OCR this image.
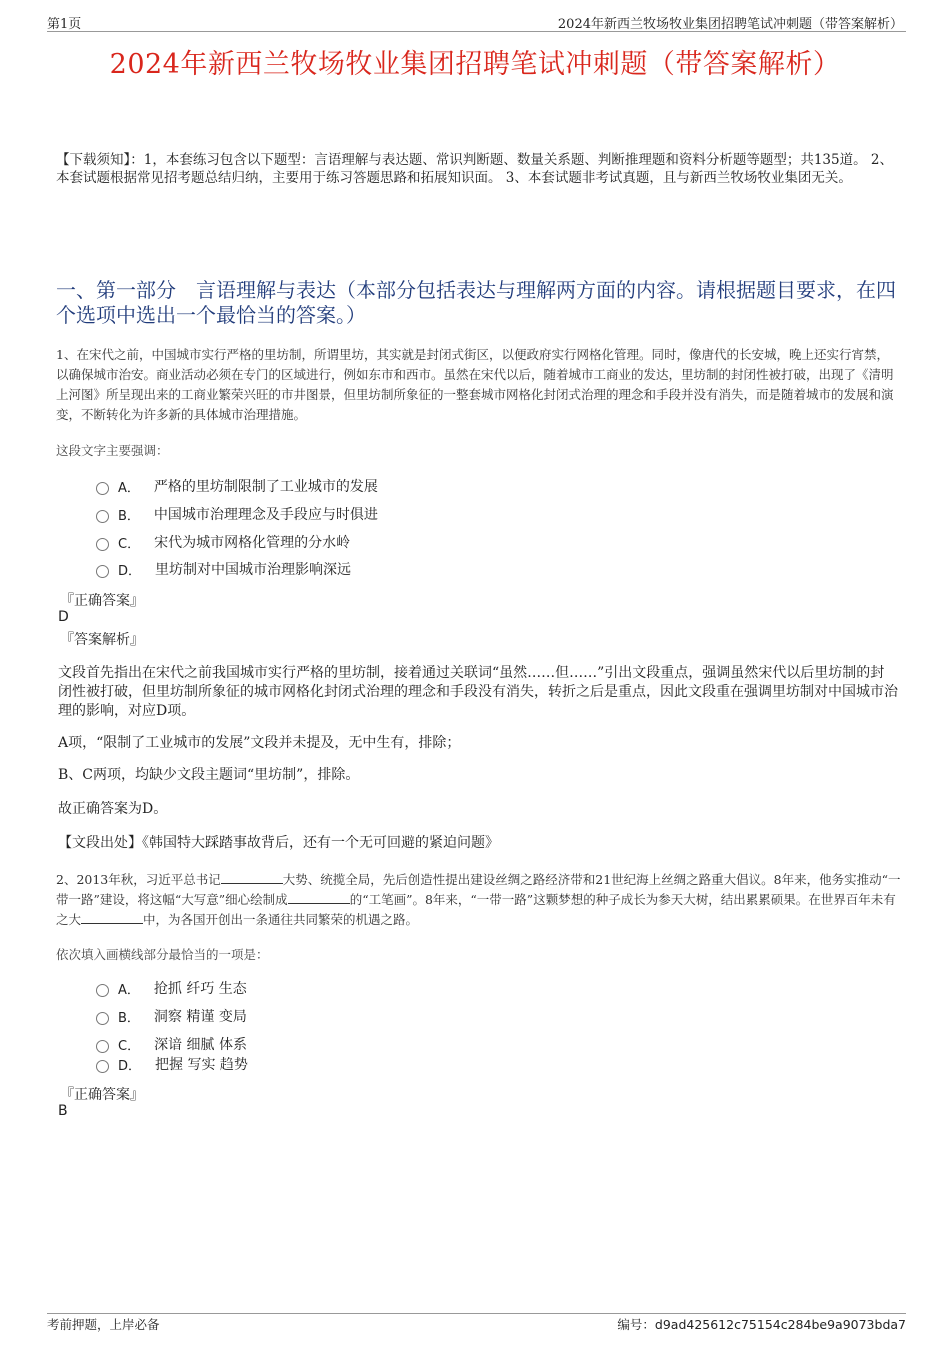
第1页	2024年新西兰牧场牧业集团招聘笔试冲刺题（带答案解析）
2024年新西兰牧场牧业集团招聘笔试冲刺题（带答案解析）
【下载须知】：1，本套练习包含以下题型：言语理解与表达题、常识判断题、数量关系题、判断推理题和资料分析题等题型；共135道。 2、本套试题根据常见招考题总结归纳，主要用于练习答题思路和拓展知识面。 3、本套试题非考试真题，且与新西兰牧场牧业集团无关。
一、第一部分　言语理解与表达（本部分包括表达与理解两方面的内容。请根据题目要求，在四个选项中选出一个最恰当的答案。）
1、在宋代之前，中国城市实行严格的里坊制，所谓里坊，其实就是封闭式街区，以便政府实行网格化管理。同时，像唐代的长安城，晚上还实行宵禁，以确保城市治安。商业活动必须在专门的区域进行，例如东市和西市。虽然在宋代以后，随着城市工商业的发达，里坊制的封闭性被打破，出现了《清明上河图》所呈现出来的工商业繁荣兴旺的市井图景，但里坊制所象征的一整套城市网格化封闭式治理的理念和手段并没有消失，而是随着城市的发展和演变，不断转化为许多新的具体城市治理措施。
这段文字主要强调：
A． 严格的里坊制限制了工业城市的发展
B． 中国城市治理理念及手段应与时俱进
C． 宋代为城市网格化管理的分水岭
D． 里坊制对中国城市治理影响深远
『正确答案』
D
『答案解析』
文段首先指出在宋代之前我国城市实行严格的里坊制，接着通过关联词“虽然……但……”引出文段重点，强调虽然宋代以后里坊制的封闭性被打破，但里坊制所象征的城市网格化封闭式治理的理念和手段没有消失，转折之后是重点，因此文段重在强调里坊制对中国城市治理的影响，对应D项。
A项，“限制了工业城市的发展”文段并未提及，无中生有，排除；
B、C两项，均缺少文段主题词“里坊制”，排除。
故正确答案为D。
【文段出处】《韩国特大踩踏事故背后，还有一个无可回避的紧迫问题》
2、2013年秋，习近平总书记	大势、统揽全局，先后创造性提出建设丝绸之路经济带和21世纪海上丝绸之路重大倡议。8年来，他务实推动“一带一路”建设，将这幅“大写意”细心绘制成	的“工笔画”。8年来，“一带一路”这颗梦想的种子成长为参天大树，结出累累硕果。在世界百年未有之大	中，为各国开创出一条通往共同繁荣的机遇之路。
依次填入画横线部分最恰当的一项是：
A． 抢抓 纤巧 生态
B． 洞察 精谨 变局
C． 深谙 细腻 体系
D． 把握 写实 趋势
『正确答案』
B
考前押题，上岸必备	编号：d9ad425612c75154c284be9a9073bda7
